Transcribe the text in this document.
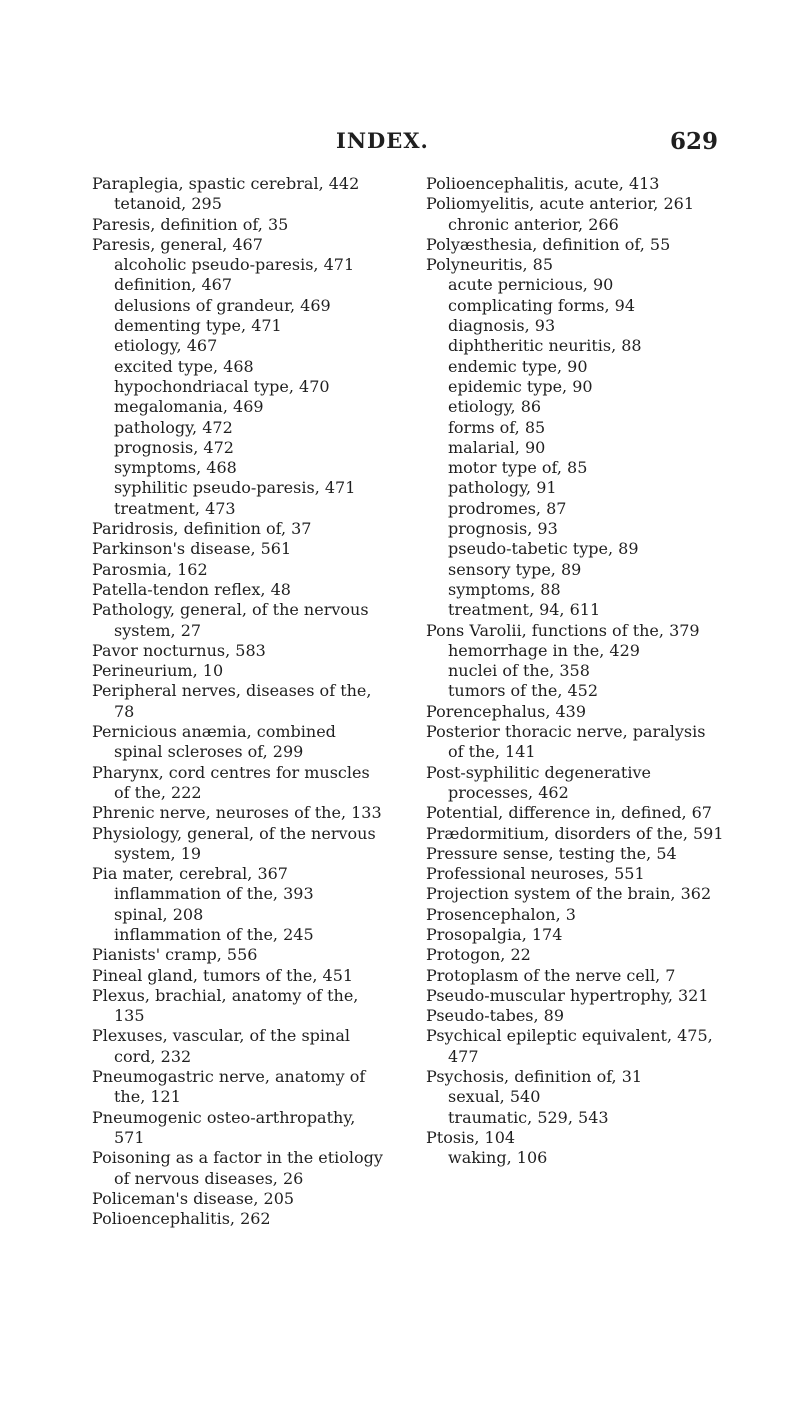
INDEX.	629
Paraplegia, spastic cerebral, 442
tetanoid, 295
Paresis, definition of, 35
Paresis, general, 467
alcoholic pseudo-paresis, 471
definition, 467
delusions of grandeur, 469
dementing type, 471
etiology, 467
excited type, 468
hypochondriacal type, 470
megalomania, 469
pathology, 472
prognosis, 472
symptoms, 468
syphilitic pseudo-paresis, 471
treatment, 473
Paridrosis, definition of, 37
Parkinson's disease, 561
Parosmia, 162
Patella-tendon reflex, 48
Pathology, general, of the nervous system, 27
Pavor nocturnus, 583
Perineurium, 10
Peripheral nerves, diseases of the, 78
Pernicious anæmia, combined spinal scleroses of, 299
Pharynx, cord centres for muscles of the, 222
Phrenic nerve, neuroses of the, 133
Physiology, general, of the nervous system, 19
Pia mater, cerebral, 367
inflammation of the, 393
spinal, 208
inflammation of the, 245
Pianists' cramp, 556
Pineal gland, tumors of the, 451
Plexus, brachial, anatomy of the, 135
Plexuses, vascular, of the spinal cord, 232
Pneumogastric nerve, anatomy of the, 121
Pneumogenic osteo-arthropathy, 571
Poisoning as a factor in the etiology of nervous diseases, 26
Policeman's disease, 205
Polioencephalitis, 262
Polioencephalitis, acute, 413
Poliomyelitis, acute anterior, 261
chronic anterior, 266
Polyæsthesia, definition of, 55
Polyneuritis, 85
acute pernicious, 90
complicating forms, 94
diagnosis, 93
diphtheritic neuritis, 88
endemic type, 90
epidemic type, 90
etiology, 86
forms of, 85
malarial, 90
motor type of, 85
pathology, 91
prodromes, 87
prognosis, 93
pseudo-tabetic type, 89
sensory type, 89
symptoms, 88
treatment, 94, 611
Pons Varolii, functions of the, 379
hemorrhage in the, 429
nuclei of the, 358
tumors of the, 452
Porencephalus, 439
Posterior thoracic nerve, paralysis of the, 141
Post-syphilitic degenerative processes, 462
Potential, difference in, defined, 67
Prædormitium, disorders of the, 591
Pressure sense, testing the, 54
Professional neuroses, 551
Projection system of the brain, 362
Prosencephalon, 3
Prosopalgia, 174
Protogon, 22
Protoplasm of the nerve cell, 7
Pseudo-muscular hypertrophy, 321
Pseudo-tabes, 89
Psychical epileptic equivalent, 475, 477
Psychosis, definition of, 31
sexual, 540
traumatic, 529, 543
Ptosis, 104
waking, 106
